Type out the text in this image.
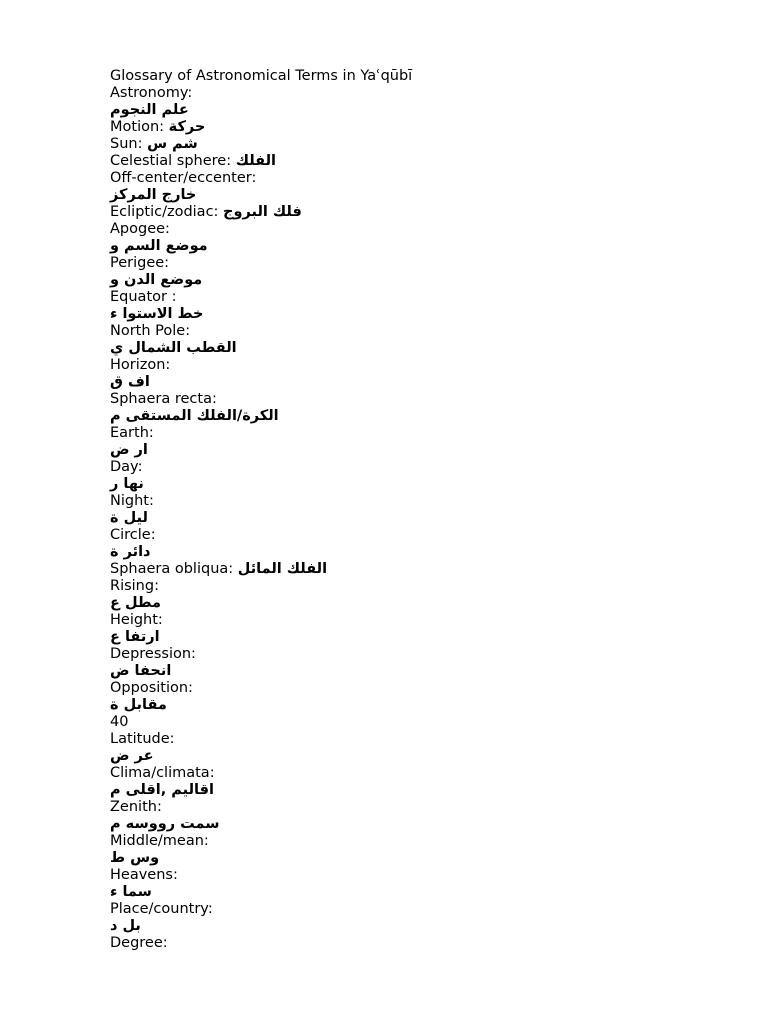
Glossary of Astronomical Terms in Yaʿqūbī
Astronomy:
علم النجوم
Motion: حركة
Sun: شم س
Celestial sphere: الفلك
Off-center/eccenter:
خارج المركز
Ecliptic/zodiac: فلك البروج
Apogee:
موضع السم و
Perigee:
موضع الدن و
Equator :
خط الاستوا ء
North Pole:
القطب الشمال ي
Horizon:
اف ق
Sphaera recta:
الكرة/الفلك المستقى م
Earth:
ار ض
Day:
نها ر
Night:
ليل ة
Circle:
دائر ة
Sphaera obliqua: الفلك المائل
Rising:
مطل ع
Height:
ارتفا ع
Depression:
انحفا ض
Opposition:
مقابل ة
40
Latitude:
عر ض
Clima/climata:
اقاليم ,اقلى م
Zenith:
سمت رووسه م
Middle/mean:
وس ط
Heavens:
سما ء
Place/country:
بل د
Degree:
